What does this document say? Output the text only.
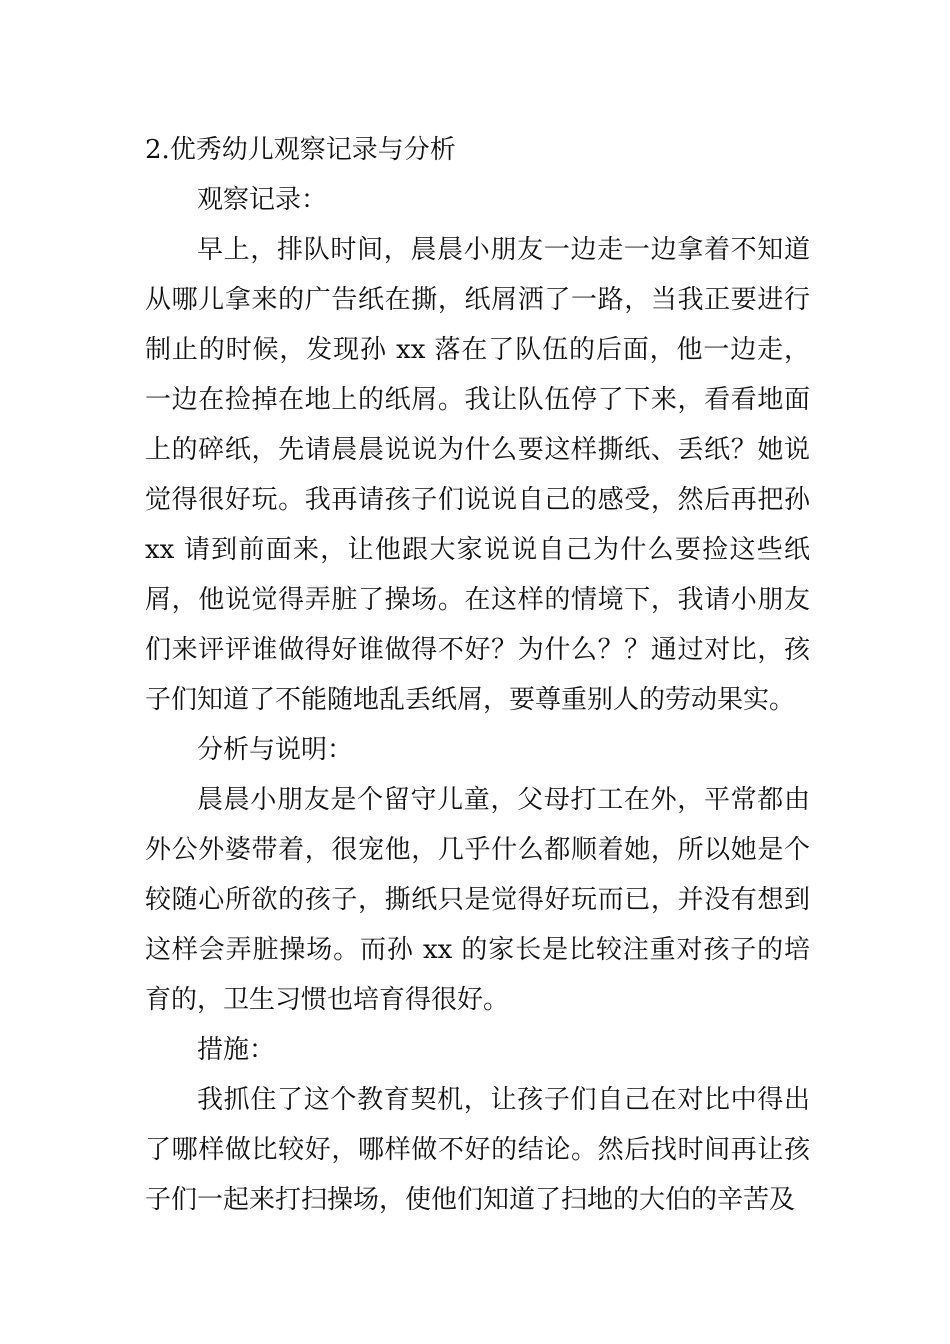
2.优秀幼儿观察记录与分析

观察记录：

早上，排队时间，晨晨小朋友一边走一边拿着不知道从哪儿拿来的广告纸在撕，纸屑洒了一路，当我正要进行制止的时候，发现孙 xx 落在了队伍的后面，他一边走，一边在捡掉在地上的纸屑。我让队伍停了下来，看看地面上的碎纸，先请晨晨说说为什么要这样撕纸、丢纸？她说觉得很好玩。我再请孩子们说说自己的感受，然后再把孙 xx 请到前面来，让他跟大家说说自己为什么要捡这些纸屑，他说觉得弄脏了操场。在这样的情境下，我请小朋友们来评评谁做得好谁做得不好？为什么？？通过对比，孩子们知道了不能随地乱丢纸屑，要尊重别人的劳动果实。

分析与说明：

晨晨小朋友是个留守儿童，父母打工在外，平常都由外公外婆带着，很宠他，几乎什么都顺着她，所以她是个较随心所欲的孩子，撕纸只是觉得好玩而已，并没有想到这样会弄脏操场。而孙 xx 的家长是比较注重对孩子的培育的，卫生习惯也培育得很好。

措施：

我抓住了这个教育契机，让孩子们自己在对比中得出了哪样做比较好，哪样做不好的结论。然后找时间再让孩子们一起来打扫操场，使他们知道了扫地的大伯的辛苦及
